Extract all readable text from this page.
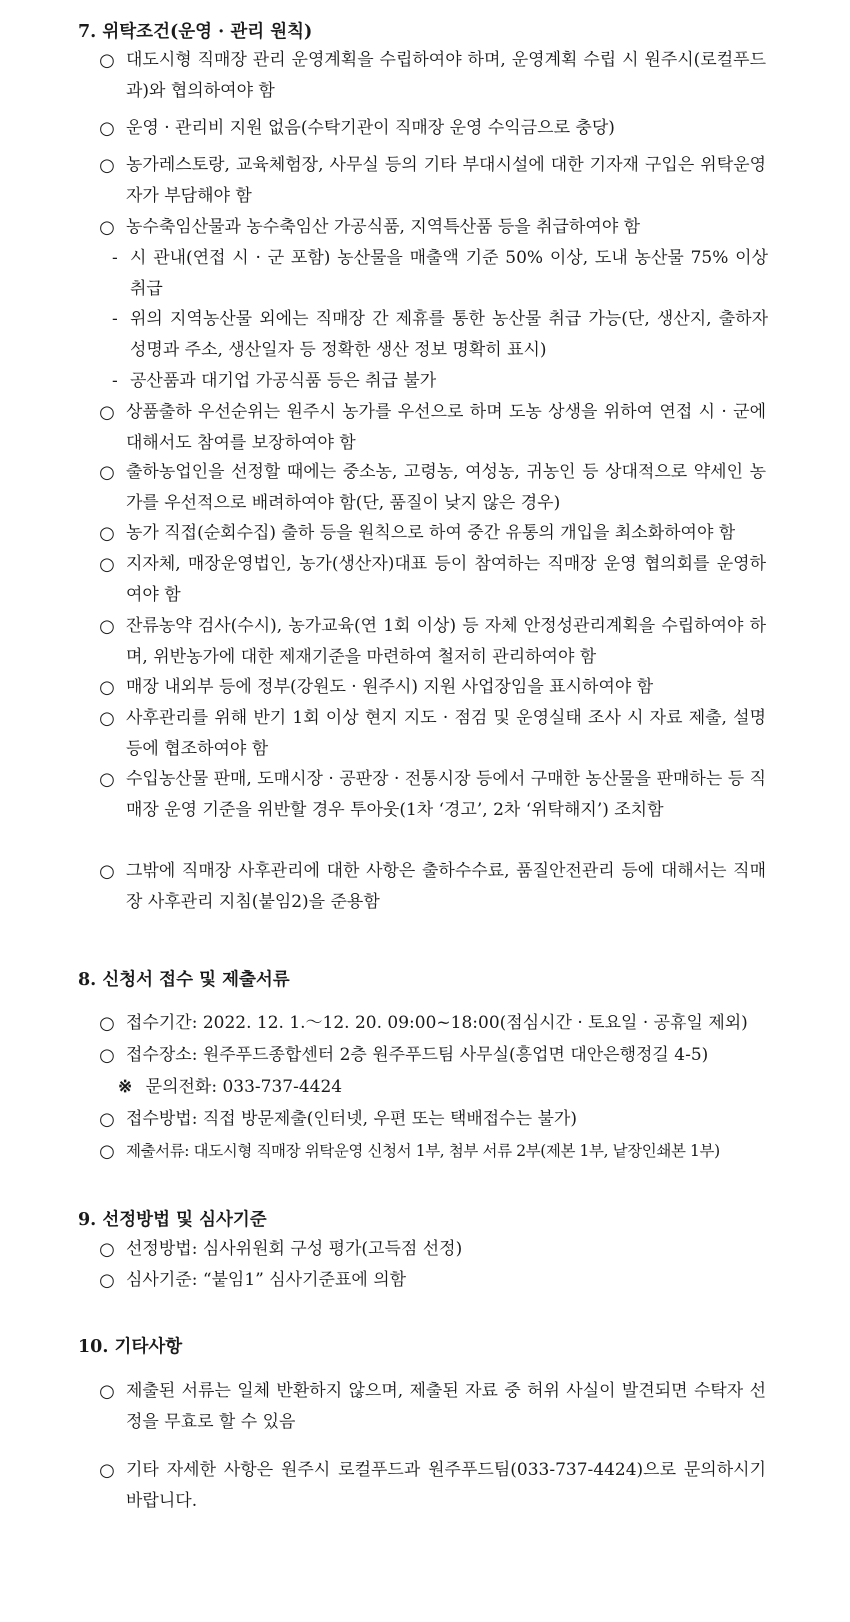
7. 위탁조건(운영 · 관리 원칙)
○ 대도시형 직매장 관리 운영계획을 수립하여야 하며, 운영계획 수립 시 원주시(로컬푸드과)와 협의하여야 함
○ 운영 · 관리비 지원 없음(수탁기관이 직매장 운영 수익금으로 충당)
○ 농가레스토랑, 교육체험장, 사무실 등의 기타 부대시설에 대한 기자재 구입은 위탁운영자가 부담해야 함
○ 농수축임산물과 농수축임산 가공식품, 지역특산품 등을 취급하여야 함
- 시 관내(연접 시 · 군 포함) 농산물을 매출액 기준 50% 이상, 도내 농산물 75% 이상 취급
- 위의 지역농산물 외에는 직매장 간 제휴를 통한 농산물 취급 가능(단, 생산지, 출하자 성명과 주소, 생산일자 등 정확한 생산 정보 명확히 표시)
- 공산품과 대기업 가공식품 등은 취급 불가
○ 상품출하 우선순위는 원주시 농가를 우선으로 하며 도농 상생을 위하여 연접 시 · 군에 대해서도 참여를 보장하여야 함
○ 출하농업인을 선정할 때에는 중소농, 고령농, 여성농, 귀농인 등 상대적으로 약세인 농가를 우선적으로 배려하여야 함(단, 품질이 낮지 않은 경우)
○ 농가 직접(순회수집) 출하 등을 원칙으로 하여 중간 유통의 개입을 최소화하여야 함
○ 지자체, 매장운영법인, 농가(생산자)대표 등이 참여하는 직매장 운영 협의회를 운영하여야 함
○ 잔류농약 검사(수시), 농가교육(연 1회 이상) 등 자체 안정성관리계획을 수립하여야 하며, 위반농가에 대한 제재기준을 마련하여 철저히 관리하여야 함
○ 매장 내외부 등에 정부(강원도 · 원주시) 지원 사업장임을 표시하여야 함
○ 사후관리를 위해 반기 1회 이상 현지 지도 · 점검 및 운영실태 조사 시 자료 제출, 설명 등에 협조하여야 함
○ 수입농산물 판매, 도매시장 · 공판장 · 전통시장 등에서 구매한 농산물을 판매하는 등 직매장 운영 기준을 위반할 경우 투아웃(1차 ‘경고’, 2차 ‘위탁해지’) 조치함
○ 그밖에 직매장 사후관리에 대한 사항은 출하수수료, 품질안전관리 등에 대해서는 직매장 사후관리 지침(붙임2)을 준용함
8. 신청서 접수 및 제출서류
○ 접수기간: 2022. 12. 1.～12. 20. 09:00~18:00(점심시간 · 토요일 · 공휴일 제외)
○ 접수장소: 원주푸드종합센터 2층 원주푸드팀 사무실(흥업면 대안은행정길 4-5)
※ 문의전화: 033-737-4424
○ 접수방법: 직접 방문제출(인터넷, 우편 또는 택배접수는 불가)
○ 제출서류: 대도시형 직매장 위탁운영 신청서 1부, 첨부 서류 2부(제본 1부, 낱장인쇄본 1부)
9. 선정방법 및 심사기준
○ 선정방법: 심사위원회 구성 평가(고득점 선정)
○ 심사기준: “붙임1” 심사기준표에 의함
10. 기타사항
○ 제출된 서류는 일체 반환하지 않으며, 제출된 자료 중 허위 사실이 발견되면 수탁자 선정을 무효로 할 수 있음
○ 기타 자세한 사항은 원주시 로컬푸드과 원주푸드팀(033-737-4424)으로 문의하시기 바랍니다.
